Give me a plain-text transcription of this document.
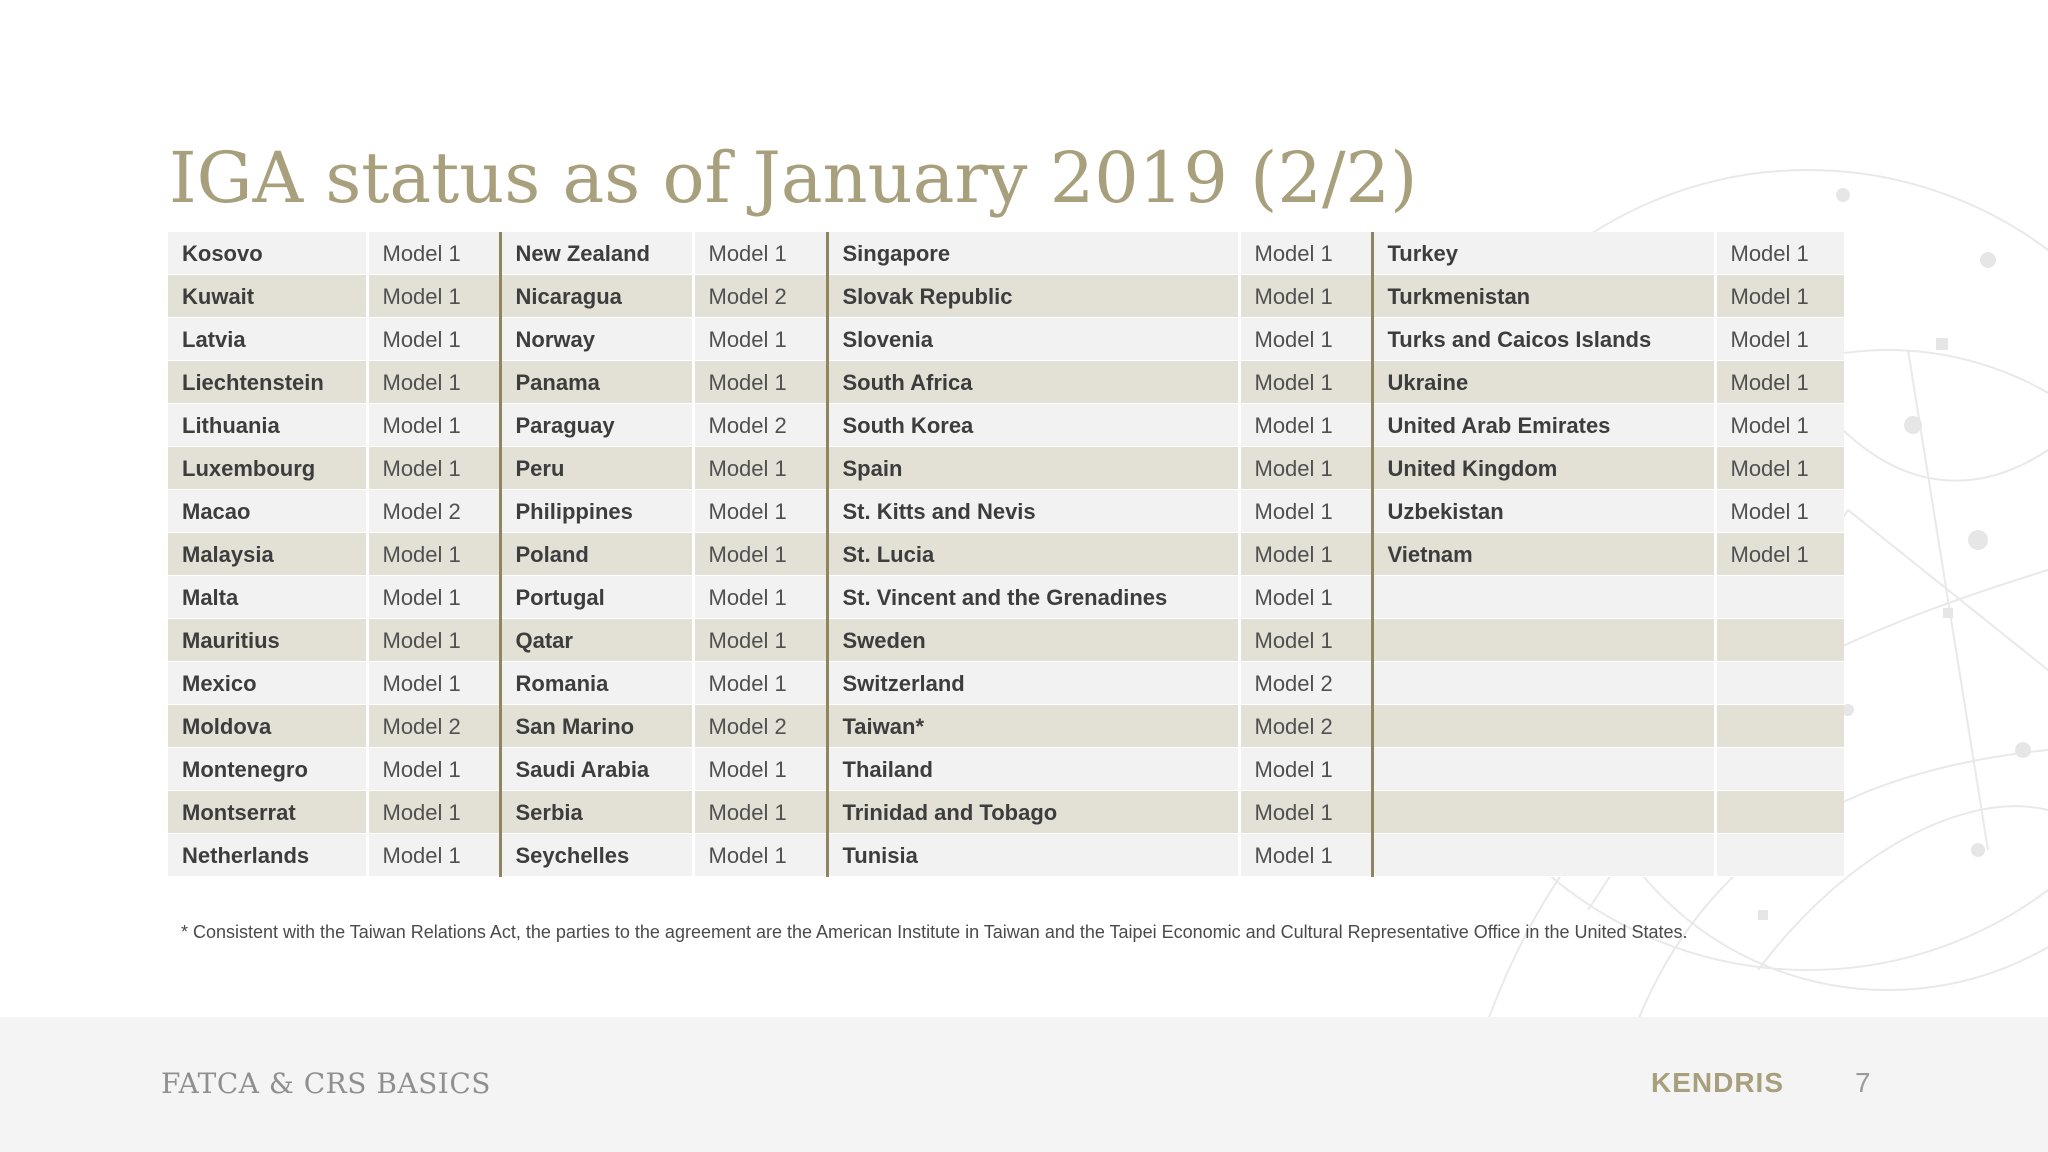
IGA status as of January 2019 (2/2)
Kosovo	Model 1	New Zealand	Model 1	Singapore	Model 1	Turkey	Model 1
Kuwait	Model 1	Nicaragua	Model 2	Slovak Republic	Model 1	Turkmenistan	Model 1
Latvia	Model 1	Norway	Model 1	Slovenia	Model 1	Turks and Caicos Islands	Model 1
Liechtenstein	Model 1	Panama	Model 1	South Africa	Model 1	Ukraine	Model 1
Lithuania	Model 1	Paraguay	Model 2	South Korea	Model 1	United Arab Emirates	Model 1
Luxembourg	Model 1	Peru	Model 1	Spain	Model 1	United Kingdom	Model 1
Macao	Model 2	Philippines	Model 1	St. Kitts and Nevis	Model 1	Uzbekistan	Model 1
Malaysia	Model 1	Poland	Model 1	St. Lucia	Model 1	Vietnam	Model 1
Malta	Model 1	Portugal	Model 1	St. Vincent and the Grenadines	Model 1		
Mauritius	Model 1	Qatar	Model 1	Sweden	Model 1		
Mexico	Model 1	Romania	Model 1	Switzerland	Model 2		
Moldova	Model 2	San Marino	Model 2	Taiwan*	Model 2		
Montenegro	Model 1	Saudi Arabia	Model 1	Thailand	Model 1		
Montserrat	Model 1	Serbia	Model 1	Trinidad and Tobago	Model 1		
Netherlands	Model 1	Seychelles	Model 1	Tunisia	Model 1		
* Consistent with the Taiwan Relations Act, the parties to the agreement are the American Institute in Taiwan and the Taipei Economic and Cultural Representative Office in the United States.
FATCA & CRS BASICS	KENDRIS	7
